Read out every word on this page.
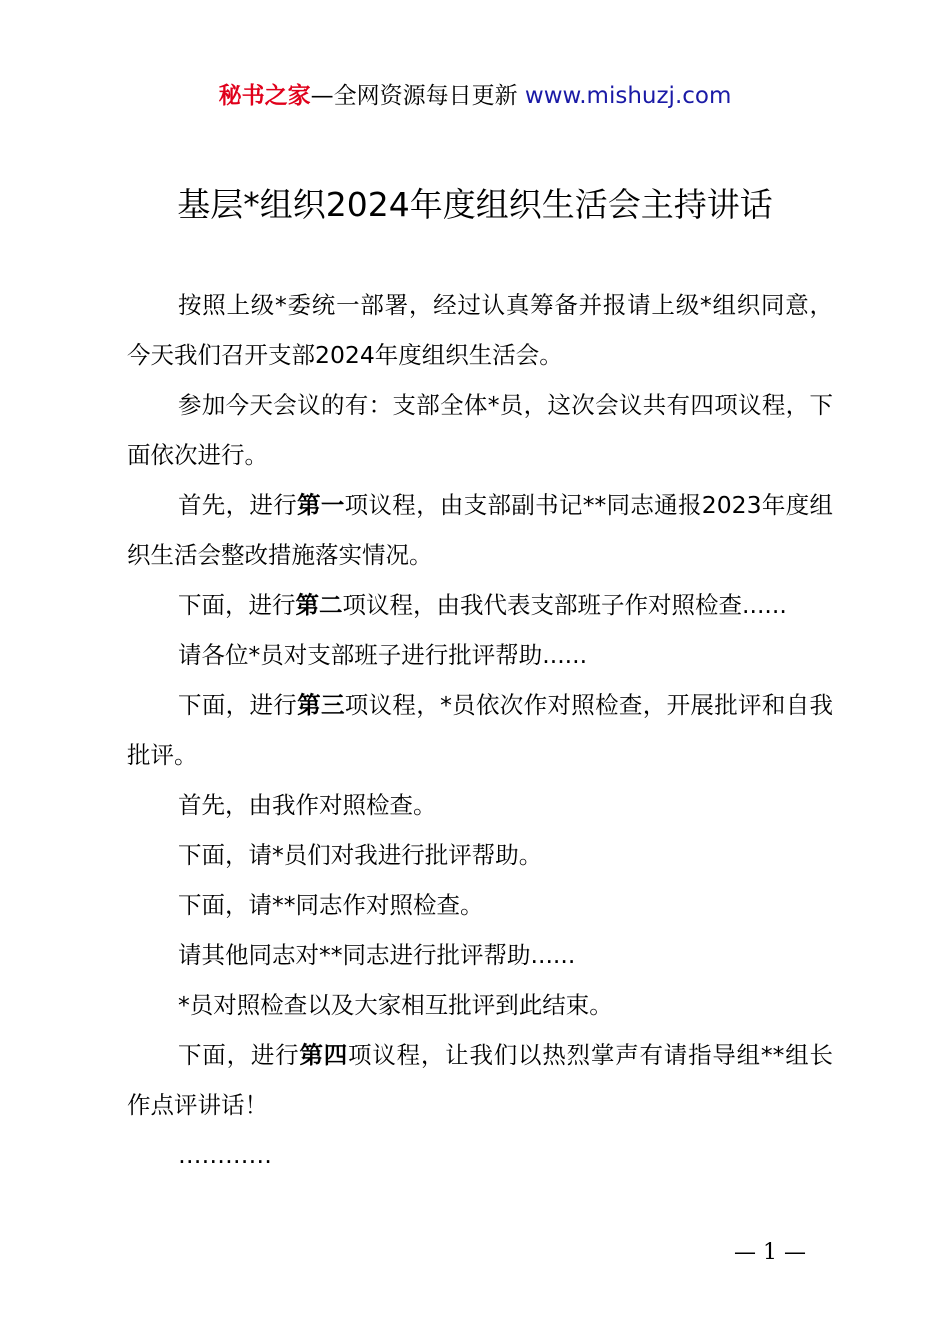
秘书之家—全网资源每日更新 www.mishuzj.com
基层*组织2024年度组织生活会主持讲话

按照上级*委统一部署，经过认真筹备并报请上级*组织同意，今天我们召开支部2024年度组织生活会。

参加今天会议的有：支部全体*员，这次会议共有四项议程，下面依次进行。

首先，进行第一项议程，由支部副书记**同志通报2023年度组织生活会整改措施落实情况。

下面，进行第二项议程，由我代表支部班子作对照检查......

请各位*员对支部班子进行批评帮助......

下面，进行第三项议程，*员依次作对照检查，开展批评和自我批评。

首先，由我作对照检查。

下面，请*员们对我进行批评帮助。

下面，请**同志作对照检查。

请其他同志对**同志进行批评帮助......

*员对照检查以及大家相互批评到此结束。

下面，进行第四项议程，让我们以热烈掌声有请指导组**组长作点评讲话！

…………

— 1 —
